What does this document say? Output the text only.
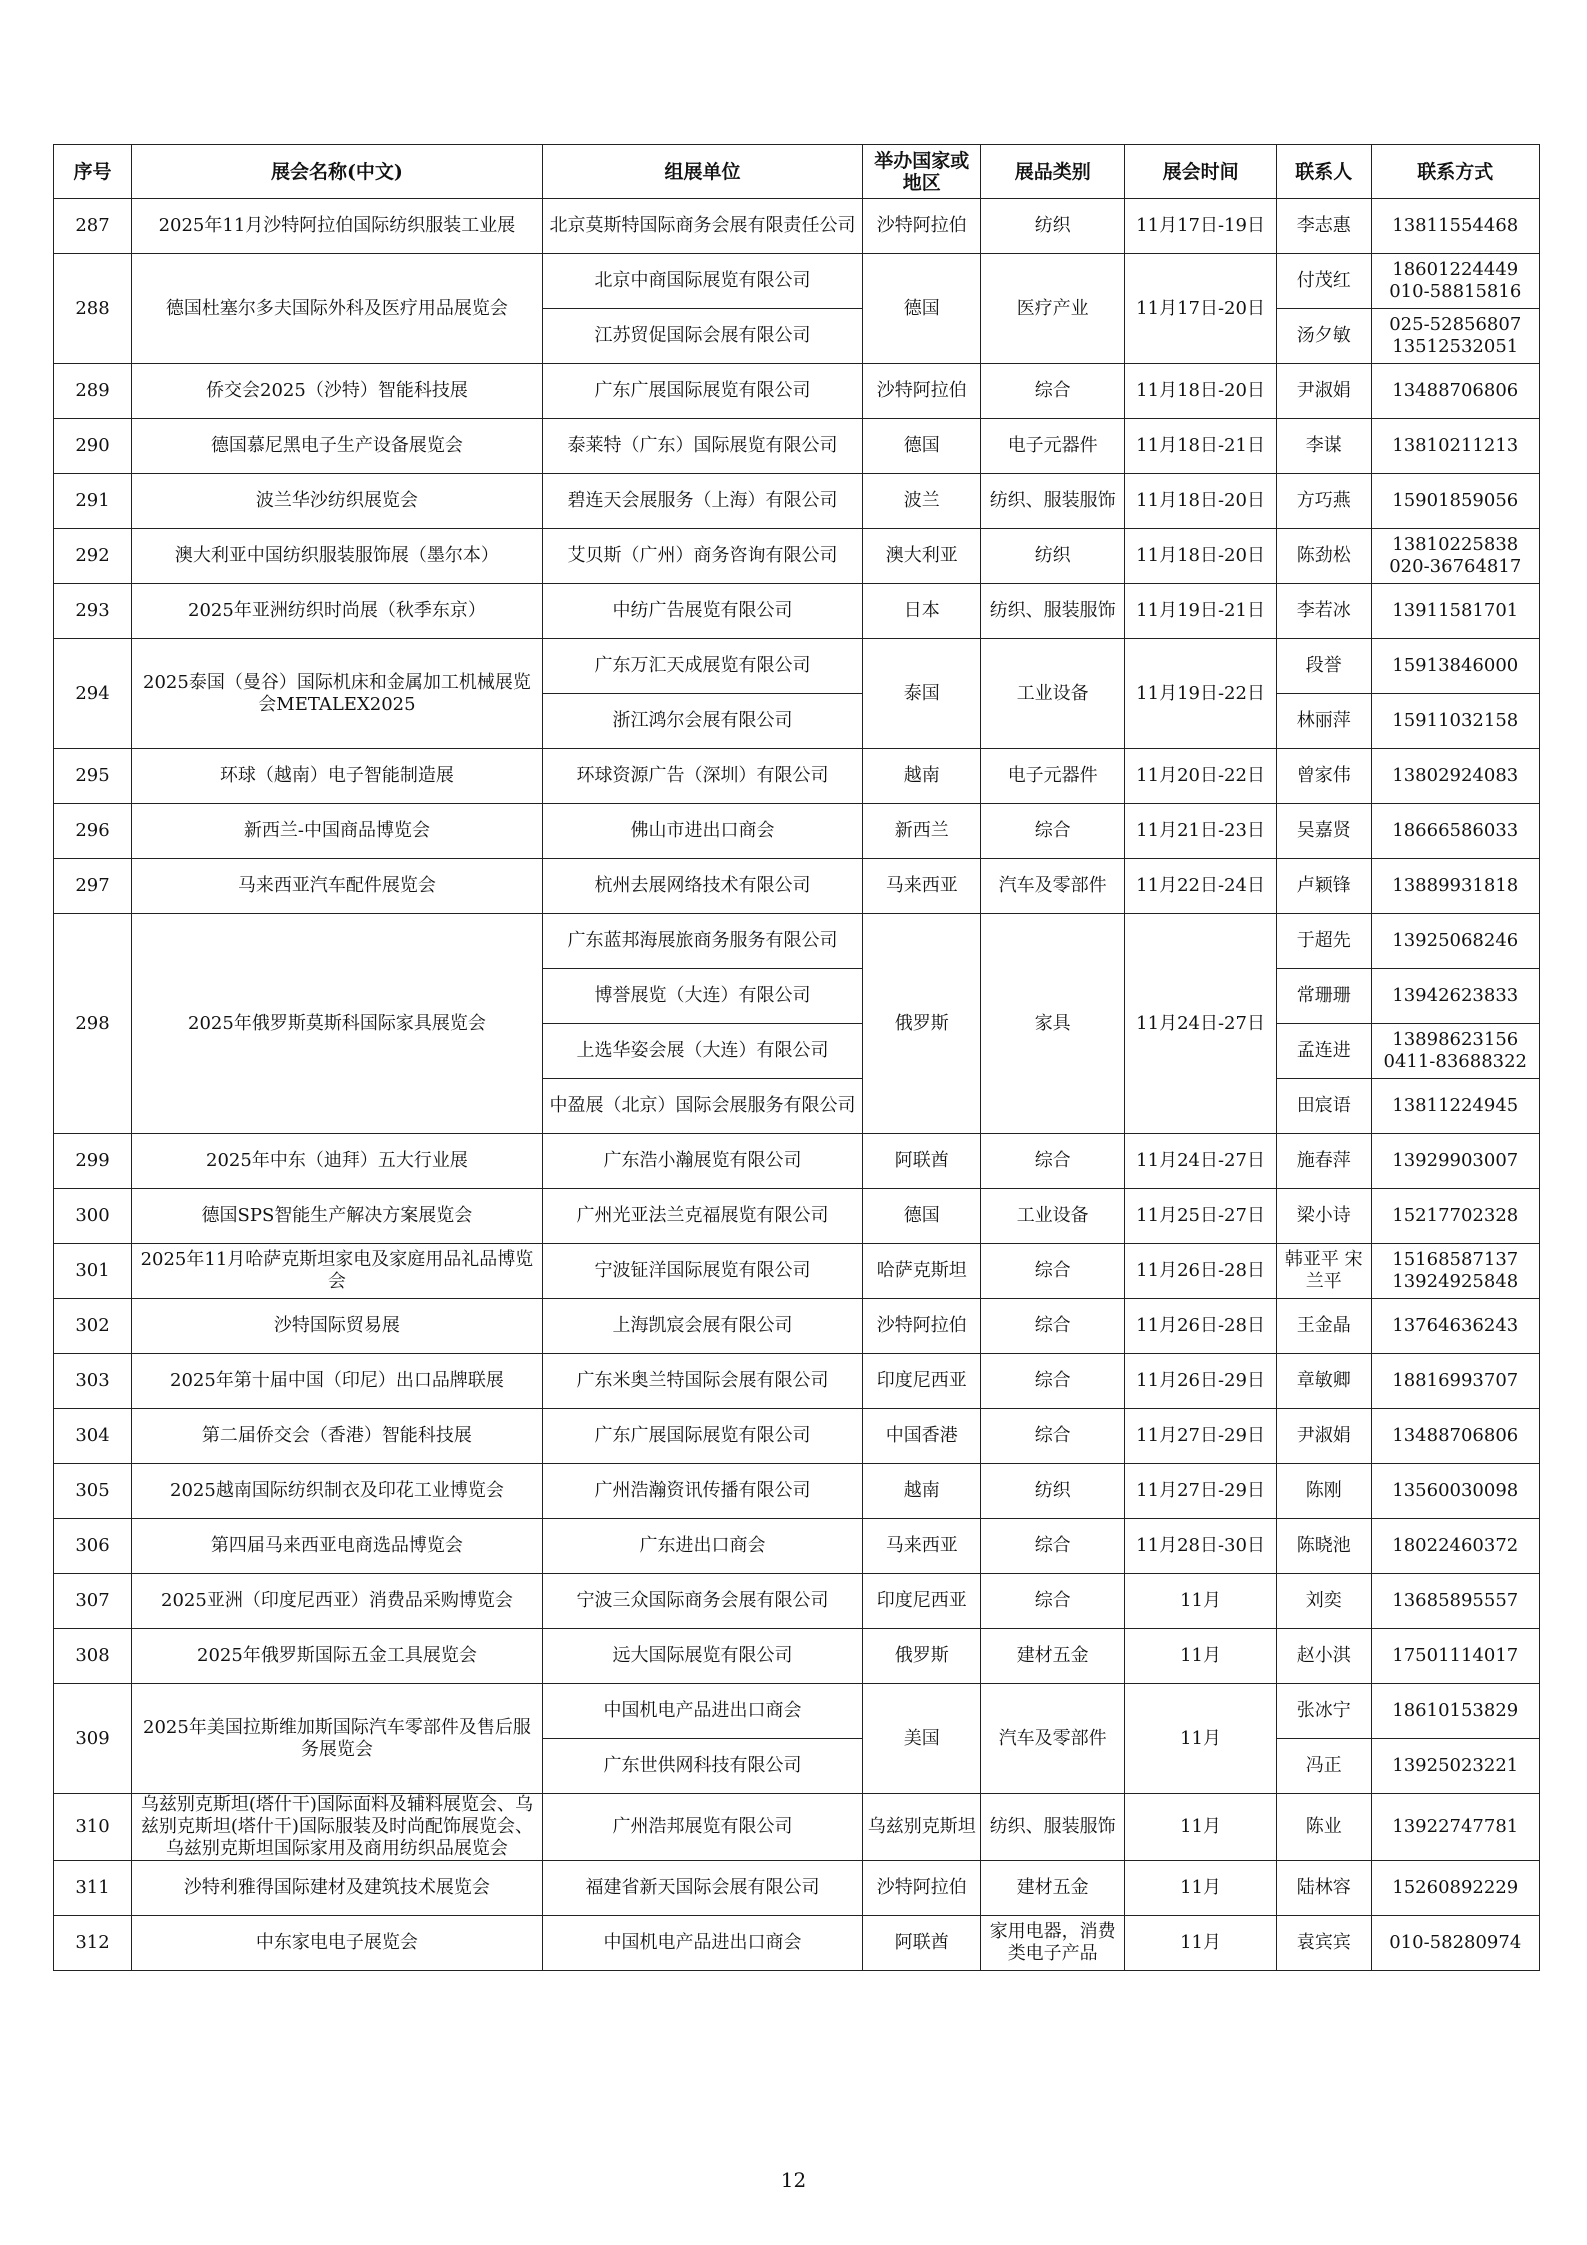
序号	展会名称(中文)	组展单位	举办国家或地区	展品类别	展会时间	联系人	联系方式
287	2025年11月沙特阿拉伯国际纺织服装工业展	北京莫斯特国际商务会展有限责任公司	沙特阿拉伯	纺织	11月17日-19日	李志惠	13811554468

288	德国杜塞尔多夫国际外科及医疗用品展览会	北京中商国际展览有限公司	德国	医疗产业	11月17日-20日	付茂红	18601224449
010-58815816

		江苏贸促国际会展有限公司				汤夕敏	025-52856807
13512532051

289	侨交会2025（沙特）智能科技展	广东广展国际展览有限公司	沙特阿拉伯	综合	11月18日-20日	尹淑娟	13488706806

290	德国慕尼黑电子生产设备展览会	泰莱特（广东）国际展览有限公司	德国	电子元器件	11月18日-21日	李谋	13810211213

291	波兰华沙纺织展览会	碧连天会展服务（上海）有限公司	波兰	纺织、服装服饰	11月18日-20日	方巧燕	15901859056

292	澳大利亚中国纺织服装服饰展（墨尔本）	艾贝斯（广州）商务咨询有限公司	澳大利亚	纺织	11月18日-20日	陈劲松	13810225838
020-36764817

293	2025年亚洲纺织时尚展（秋季东京）	中纺广告展览有限公司	日本	纺织、服装服饰	11月19日-21日	李若冰	13911581701

294	2025泰国（曼谷）国际机床和金属加工机械展览会METALEX2025	广东万汇天成展览有限公司	泰国	工业设备	11月19日-22日	段誉	15913846000

		浙江鸿尔会展有限公司				林丽萍	15911032158

295	环球（越南）电子智能制造展	环球资源广告（深圳）有限公司	越南	电子元器件	11月20日-22日	曾家伟	13802924083

296	新西兰-中国商品博览会	佛山市进出口商会	新西兰	综合	11月21日-23日	吴嘉贤	18666586033

297	马来西亚汽车配件展览会	杭州去展网络技术有限公司	马来西亚	汽车及零部件	11月22日-24日	卢颖锋	13889931818

298	2025年俄罗斯莫斯科国际家具展览会	广东蓝邦海展旅商务服务有限公司	俄罗斯	家具	11月24日-27日	于超先	13925068246

		博誉展览（大连）有限公司				常珊珊	13942623833

		上选华姿会展（大连）有限公司				孟连进	13898623156
0411-83688322

		中盈展（北京）国际会展服务有限公司				田宸语	13811224945

299	2025年中东（迪拜）五大行业展	广东浩小瀚展览有限公司	阿联酋	综合	11月24日-27日	施春萍	13929903007

300	德国SPS智能生产解决方案展览会	广州光亚法兰克福展览有限公司	德国	工业设备	11月25日-27日	梁小诗	15217702328

301	2025年11月哈萨克斯坦家电及家庭用品礼品博览会	宁波钲洋国际展览有限公司	哈萨克斯坦	综合	11月26日-28日	韩亚平 宋兰平	15168587137
13924925848

302	沙特国际贸易展	上海凯宸会展有限公司	沙特阿拉伯	综合	11月26日-28日	王金晶	13764636243

303	2025年第十届中国（印尼）出口品牌联展	广东米奥兰特国际会展有限公司	印度尼西亚	综合	11月26日-29日	章敏卿	18816993707

304	第二届侨交会（香港）智能科技展	广东广展国际展览有限公司	中国香港	综合	11月27日-29日	尹淑娟	13488706806

305	2025越南国际纺织制衣及印花工业博览会	广州浩瀚资讯传播有限公司	越南	纺织	11月27日-29日	陈刚	13560030098

306	第四届马来西亚电商选品博览会	广东进出口商会	马来西亚	综合	11月28日-30日	陈晓池	18022460372

307	2025亚洲（印度尼西亚）消费品采购博览会	宁波三众国际商务会展有限公司	印度尼西亚	综合	11月	刘奕	13685895557

308	2025年俄罗斯国际五金工具展览会	远大国际展览有限公司	俄罗斯	建材五金	11月	赵小淇	17501114017

309	2025年美国拉斯维加斯国际汽车零部件及售后服务展览会	中国机电产品进出口商会	美国	汽车及零部件	11月	张冰宁	18610153829

		广东世供网科技有限公司				冯正	13925023221

310	乌兹别克斯坦(塔什干)国际面料及辅料展览会、乌兹别克斯坦(塔什干)国际服装及时尚配饰展览会、乌兹别克斯坦国际家用及商用纺织品展览会	广州浩邦展览有限公司	乌兹别克斯坦	纺织、服装服饰	11月	陈业	13922747781

311	沙特利雅得国际建材及建筑技术展览会	福建省新天国际会展有限公司	沙特阿拉伯	建材五金	11月	陆林容	15260892229

312	中东家电电子展览会	中国机电产品进出口商会	阿联酋	家用电器，消费类电子产品	11月	袁宾宾	010-58280974
12
